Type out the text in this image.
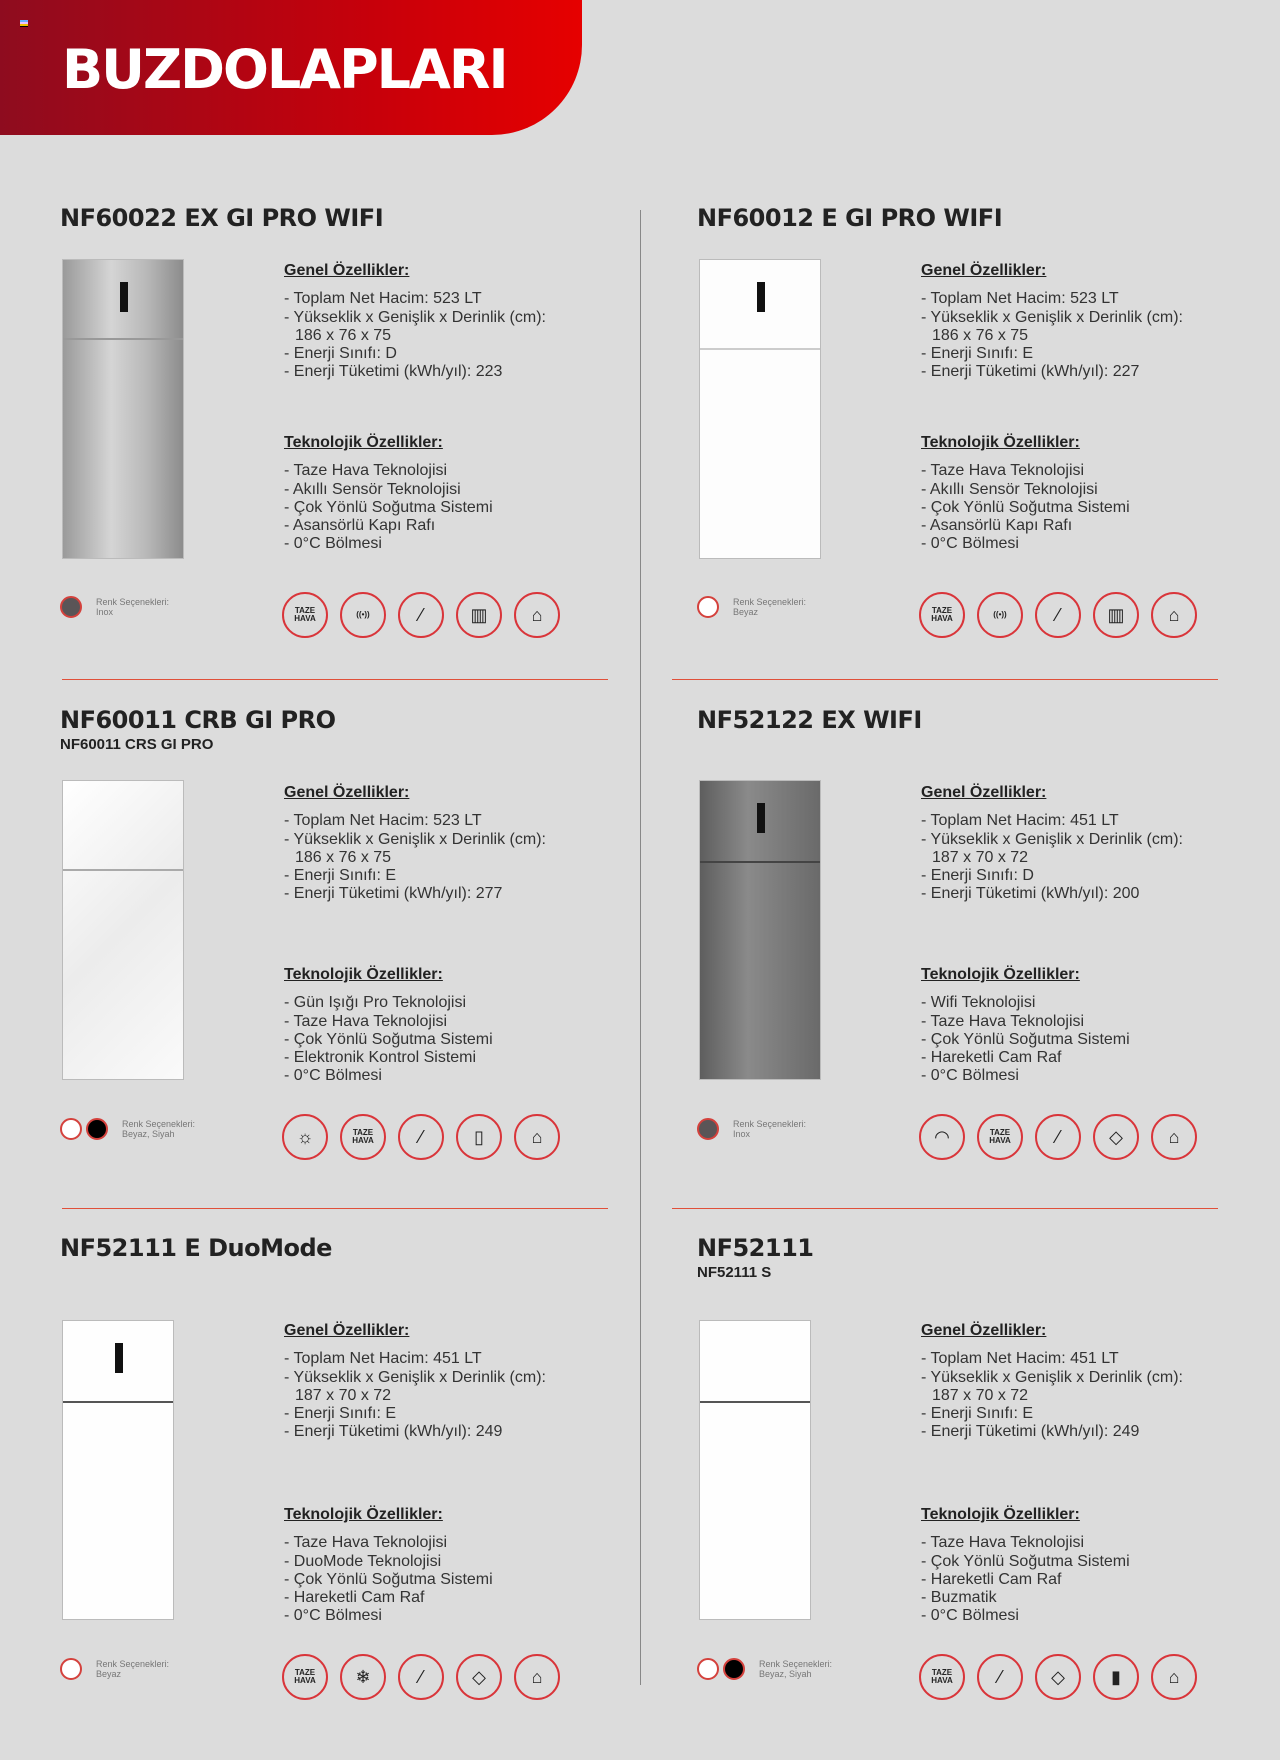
BUZDOLAPLARI
NF60022 EX GI PRO WIFI
Genel Özellikler:
- Toplam Net Hacim: 523 LT
- Yükseklik x Genişlik x Derinlik (cm):
186 x 76 x 75
- Enerji Sınıfı: D
- Enerji Tüketimi (kWh/yıl): 223
Teknolojik Özellikler:
- Taze Hava Teknolojisi
- Akıllı Sensör Teknolojisi
- Çok Yönlü Soğutma Sistemi
- Asansörlü Kapı Rafı
- 0°C Bölmesi
Renk Seçenekleri:
Inox	TAZE HAVA	((•))	⁄	▥ ⌂
NF60012 E GI PRO WIFI
Genel Özellikler:
- Toplam Net Hacim: 523 LT
- Yükseklik x Genişlik x Derinlik (cm):
186 x 76 x 75
- Enerji Sınıfı: E
- Enerji Tüketimi (kWh/yıl): 227
Teknolojik Özellikler:
- Taze Hava Teknolojisi
- Akıllı Sensör Teknolojisi
- Çok Yönlü Soğutma Sistemi
- Asansörlü Kapı Rafı
- 0°C Bölmesi
Renk Seçenekleri:
Beyaz	TAZE HAVA	((•))	⁄	▥ ⌂
NF60011 CRB GI PRO
NF60011 CRS GI PRO
Genel Özellikler:
- Toplam Net Hacim: 523 LT
- Yükseklik x Genişlik x Derinlik (cm):
186 x 76 x 75
- Enerji Sınıfı: E
- Enerji Tüketimi (kWh/yıl): 277
Teknolojik Özellikler:
- Gün Işığı Pro Teknolojisi
- Taze Hava Teknolojisi
- Çok Yönlü Soğutma Sistemi
- Elektronik Kontrol Sistemi
- 0°C Bölmesi
Renk Seçenekleri:
Beyaz, Siyah	☼	TAZE HAVA	⁄	▯	⌂
NF52122 EX WIFI
Genel Özellikler:
- Toplam Net Hacim: 451 LT
- Yükseklik x Genişlik x Derinlik (cm):
187 x 70 x 72
- Enerji Sınıfı: D
- Enerji Tüketimi (kWh/yıl): 200
Teknolojik Özellikler:
- Wifi Teknolojisi
- Taze Hava Teknolojisi
- Çok Yönlü Soğutma Sistemi
- Hareketli Cam Raf
- 0°C Bölmesi
Renk Seçenekleri:
Inox	◠	TAZE HAVA	⁄	◇	⌂
NF52111 E DuoMode
Genel Özellikler:
- Toplam Net Hacim: 451 LT
- Yükseklik x Genişlik x Derinlik (cm):
187 x 70 x 72
- Enerji Sınıfı: E
- Enerji Tüketimi (kWh/yıl): 249
Teknolojik Özellikler:
- Taze Hava Teknolojisi
- DuoMode Teknolojisi
- Çok Yönlü Soğutma Sistemi
- Hareketli Cam Raf
- 0°C Bölmesi
Renk Seçenekleri:
Beyaz	TAZE HAVA	❄	⁄	◇	⌂
NF52111
NF52111 S
Genel Özellikler:
- Toplam Net Hacim: 451 LT
- Yükseklik x Genişlik x Derinlik (cm):
187 x 70 x 72
- Enerji Sınıfı: E
- Enerji Tüketimi (kWh/yıl): 249
Teknolojik Özellikler:
- Taze Hava Teknolojisi
- Çok Yönlü Soğutma Sistemi
- Hareketli Cam Raf
- Buzmatik
- 0°C Bölmesi
Renk Seçenekleri:
Beyaz, Siyah	TAZE HAVA	⁄	◇	▮	⌂
